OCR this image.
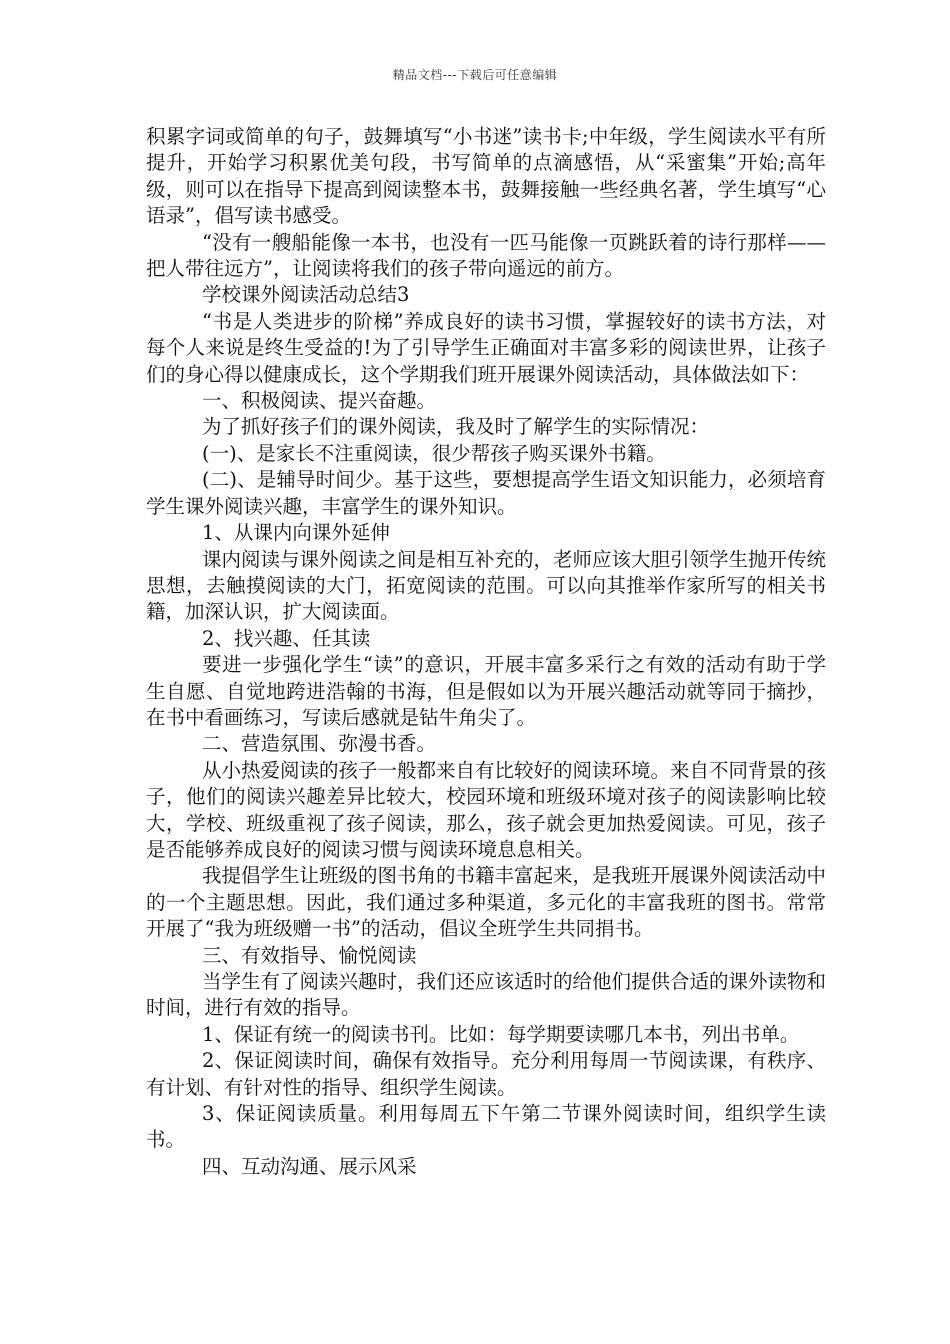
精品文档---下载后可任意编辑

积累字词或简单的句子，鼓舞填写“小书迷”读书卡;中年级，学生阅读水平有所提升，开始学习积累优美句段，书写简单的点滴感悟，从“采蜜集”开始;高年级，则可以在指导下提高到阅读整本书，鼓舞接触一些经典名著，学生填写“心语录”，倡写读书感受。

“没有一艘船能像一本书，也没有一匹马能像一页跳跃着的诗行那样——把人带往远方”，让阅读将我们的孩子带向遥远的前方。

学校课外阅读活动总结3

“书是人类进步的阶梯”养成良好的读书习惯，掌握较好的读书方法，对每个人来说是终生受益的!为了引导学生正确面对丰富多彩的阅读世界，让孩子们的身心得以健康成长，这个学期我们班开展课外阅读活动，具体做法如下：

一、积极阅读、提兴奋趣。

为了抓好孩子们的课外阅读，我及时了解学生的实际情况：

(一)、是家长不注重阅读，很少帮孩子购买课外书籍。

(二)、是辅导时间少。基于这些，要想提高学生语文知识能力，必须培育学生课外阅读兴趣，丰富学生的课外知识。

1、从课内向课外延伸

课内阅读与课外阅读之间是相互补充的，老师应该大胆引领学生抛开传统思想，去触摸阅读的大门，拓宽阅读的范围。可以向其推举作家所写的相关书籍，加深认识，扩大阅读面。

2、找兴趣、任其读

要进一步强化学生“读”的意识，开展丰富多采行之有效的活动有助于学生自愿、自觉地跨进浩翰的书海，但是假如以为开展兴趣活动就等同于摘抄，在书中看画练习，写读后感就是钻牛角尖了。

二、营造氛围、弥漫书香。

从小热爱阅读的孩子一般都来自有比较好的阅读环境。来自不同背景的孩子，他们的阅读兴趣差异比较大，校园环境和班级环境对孩子的阅读影响比较大，学校、班级重视了孩子阅读，那么，孩子就会更加热爱阅读。可见，孩子是否能够养成良好的阅读习惯与阅读环境息息相关。

我提倡学生让班级的图书角的书籍丰富起来，是我班开展课外阅读活动中的一个主题思想。因此，我们通过多种渠道，多元化的丰富我班的图书。常常开展了“我为班级赠一书”的活动，倡议全班学生共同捐书。

三、有效指导、愉悦阅读

当学生有了阅读兴趣时，我们还应该适时的给他们提供合适的课外读物和时间，进行有效的指导。

1、保证有统一的阅读书刊。比如：每学期要读哪几本书，列出书单。

2、保证阅读时间，确保有效指导。充分利用每周一节阅读课，有秩序、有计划、有针对性的指导、组织学生阅读。

3、保证阅读质量。利用每周五下午第二节课外阅读时间，组织学生读书。

四、互动沟通、展示风采
